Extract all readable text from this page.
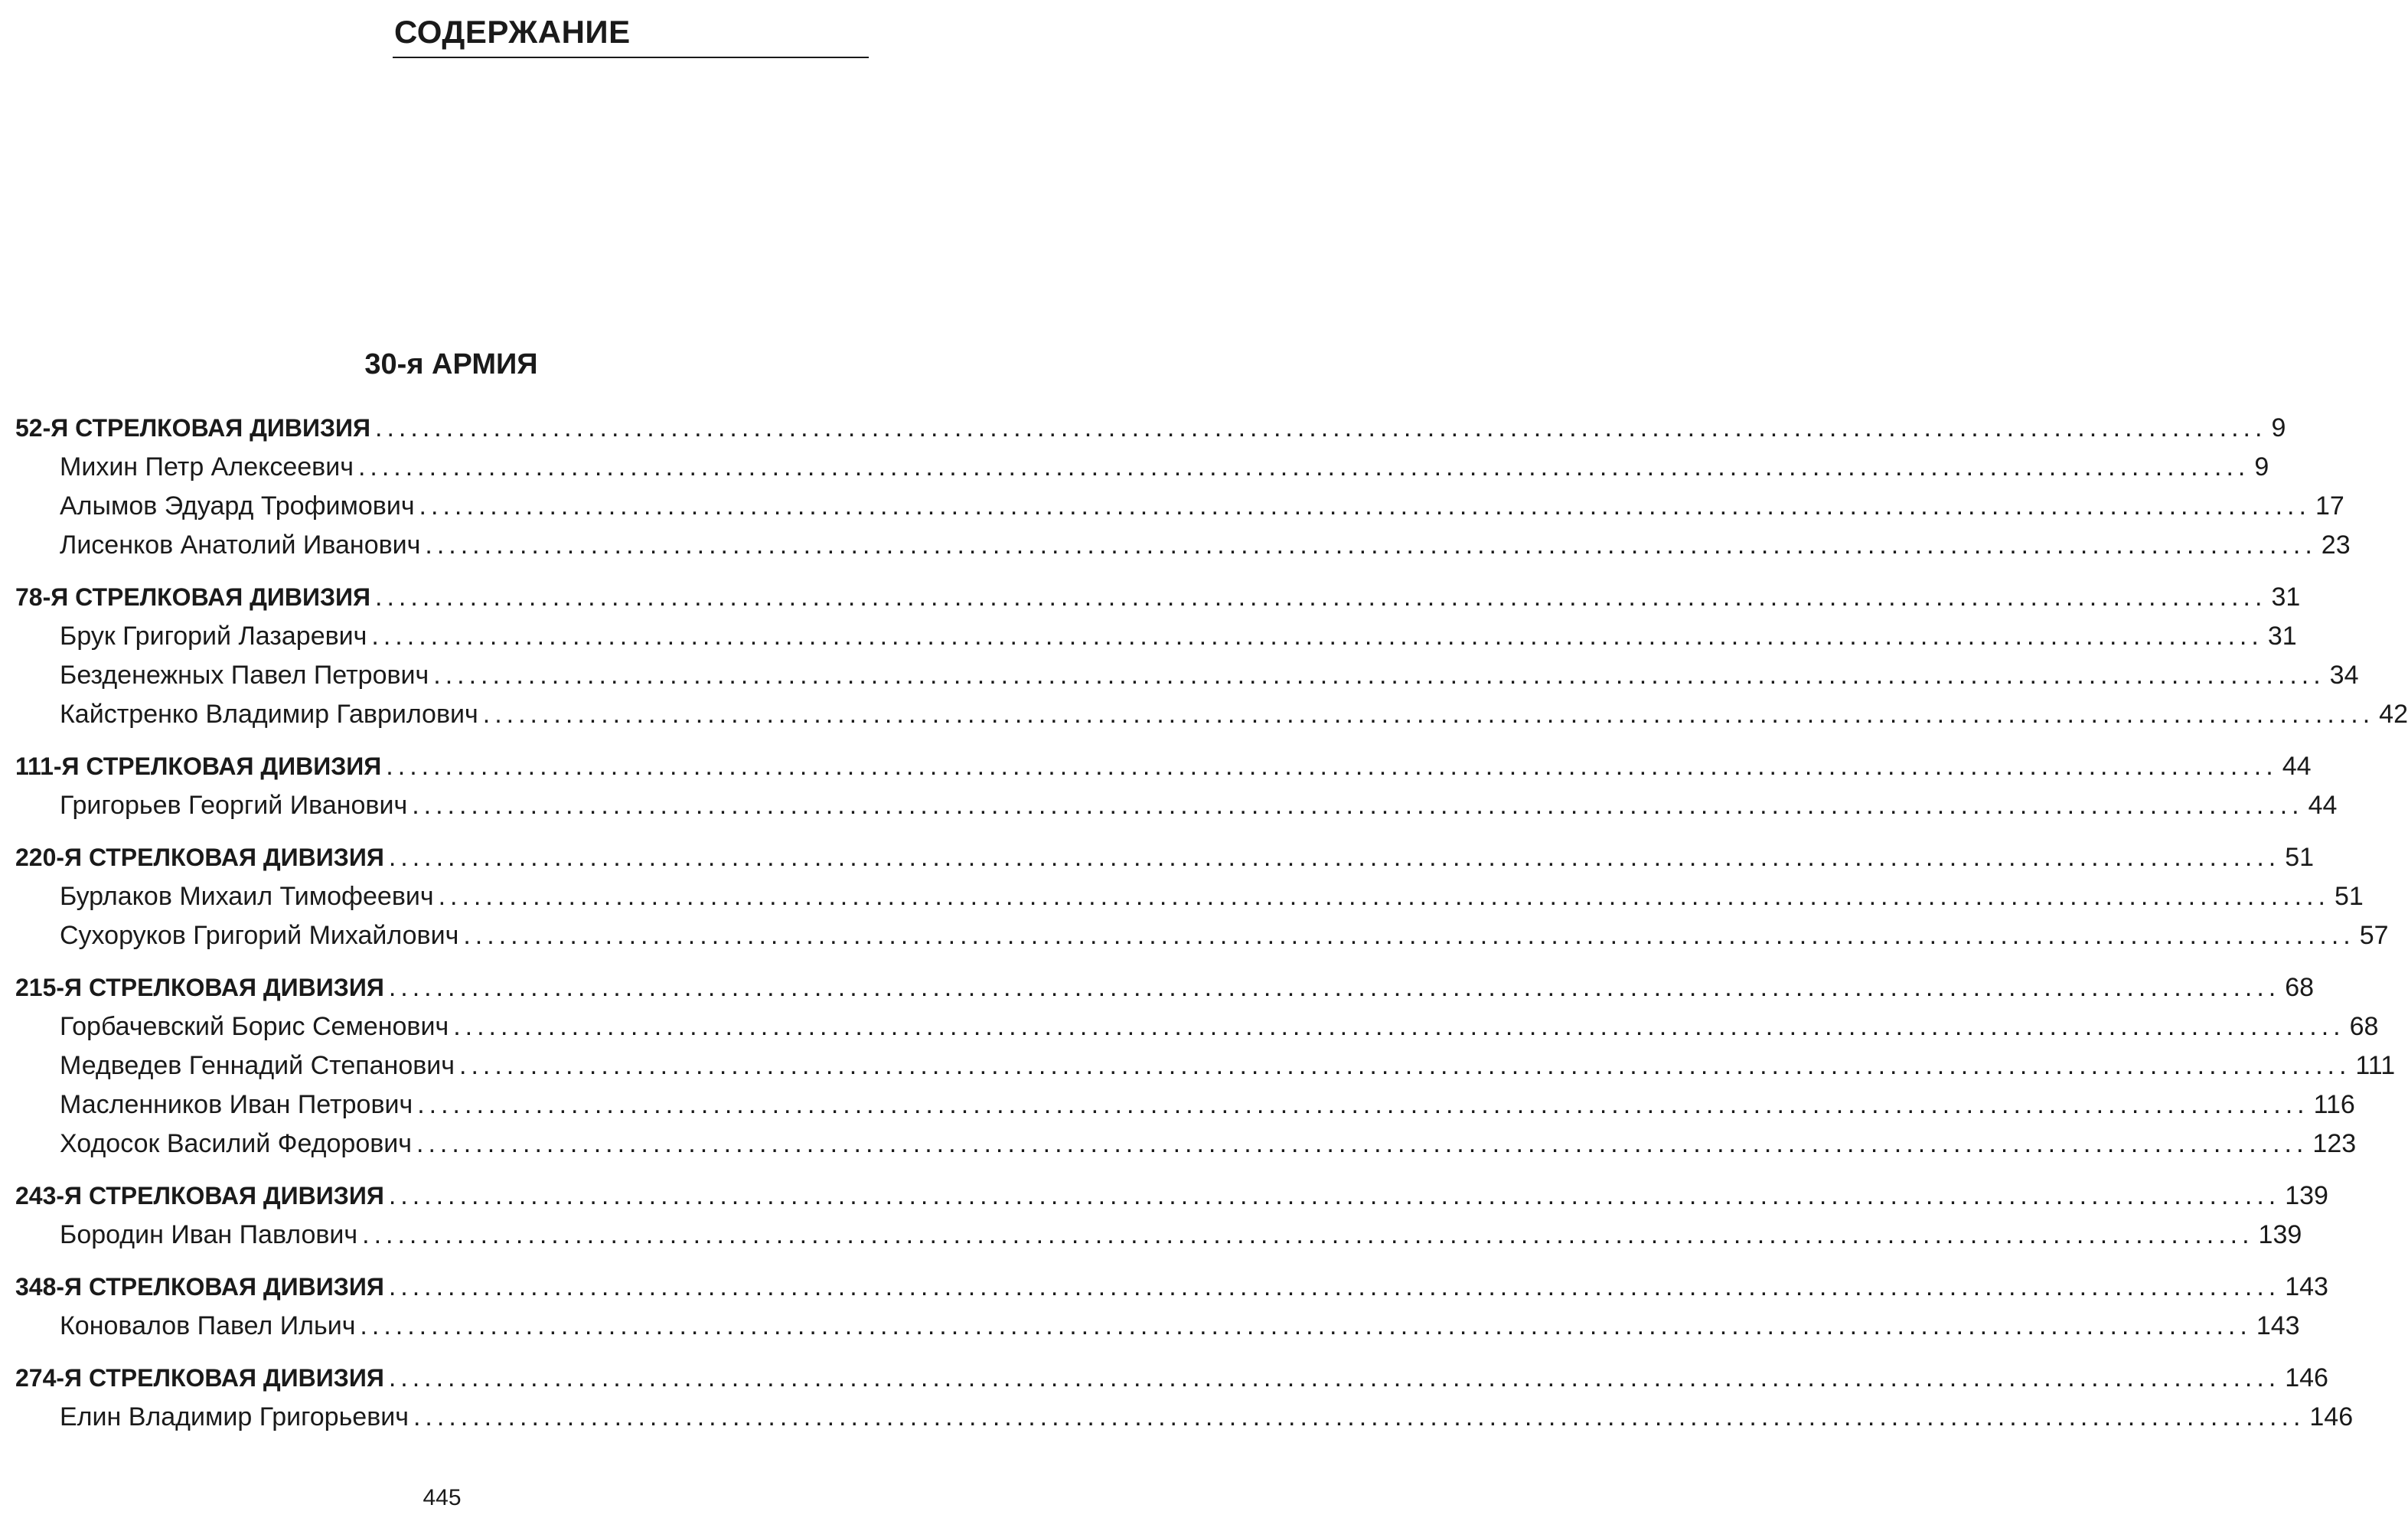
СОДЕРЖАНИЕ
30-я АРМИЯ
52-Я СТРЕЛКОВАЯ ДИВИЗИЯ ................................................................................................................................................................ 9
Михин Петр Алексеевич ................................................................................................................................................................ 9
Алымов Эдуард Трофимович ................................................................................................................................................................ 17
Лисенков Анатолий Иванович ................................................................................................................................................................ 23
78-Я СТРЕЛКОВАЯ ДИВИЗИЯ ................................................................................................................................................................ 31
Брук Григорий Лазаревич ................................................................................................................................................................ 31
Безденежных Павел Петрович ................................................................................................................................................................ 34
Кайстренко Владимир Гаврилович ................................................................................................................................................................ 42
111-Я СТРЕЛКОВАЯ ДИВИЗИЯ ................................................................................................................................................................ 44
Григорьев Георгий Иванович ................................................................................................................................................................ 44
220-Я СТРЕЛКОВАЯ ДИВИЗИЯ ................................................................................................................................................................ 51
Бурлаков Михаил Тимофеевич ................................................................................................................................................................ 51
Сухоруков Григорий Михайлович ................................................................................................................................................................ 57
215-Я СТРЕЛКОВАЯ ДИВИЗИЯ ................................................................................................................................................................ 68
Горбачевский Борис Семенович ................................................................................................................................................................ 68
Медведев Геннадий Степанович ................................................................................................................................................................ 111
Масленников Иван Петрович ................................................................................................................................................................ 116
Ходосок Василий Федорович ................................................................................................................................................................ 123
243-Я СТРЕЛКОВАЯ ДИВИЗИЯ ................................................................................................................................................................ 139
Бородин Иван Павлович ................................................................................................................................................................ 139
348-Я СТРЕЛКОВАЯ ДИВИЗИЯ ................................................................................................................................................................ 143
Коновалов Павел Ильич ................................................................................................................................................................ 143
274-Я СТРЕЛКОВАЯ ДИВИЗИЯ ................................................................................................................................................................ 146
Елин Владимир Григорьевич ................................................................................................................................................................ 146
445
